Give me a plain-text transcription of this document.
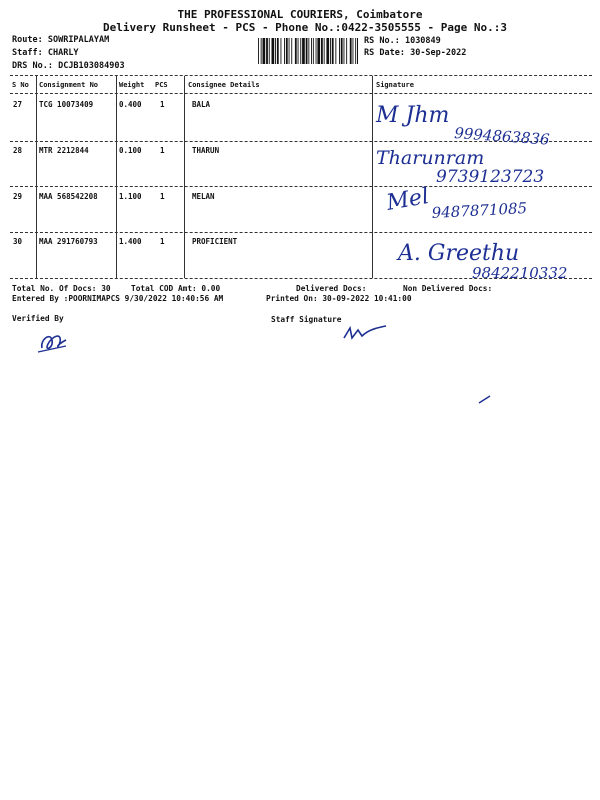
THE PROFESSIONAL COURIERS, Coimbatore
Delivery Runsheet - PCS - Phone No.:0422-3505555 - Page No.:3
Route: SOWRIPALAYAM
Staff: CHARLY
DRS No.: DCJB103084903
RS No.: 1030849
RS Date: 30-Sep-2022
S No Consignment No	Weight PCS	Consignee Details	Signature
27 TCG 10073409	0.400 1	BALA	M Jhm
9994863836
28 MTR 2212844	0.100 1	THARUN	Tharunram
9739123723
29 MAA 568542208	1.100 1	MELAN	Mel 9487871085
30 MAA 291760793	1.400 1	PROFICIENT	A. Greethu
9842210332
Total No. Of Docs: 30	Total COD Amt: 0.00	Delivered Docs:	Non Delivered Docs:
Entered By :POORNIMAPCS 9/30/2022 10:40:56 AM	Printed On: 30-09-2022 10:41:00
Verified By	Staff Signature
